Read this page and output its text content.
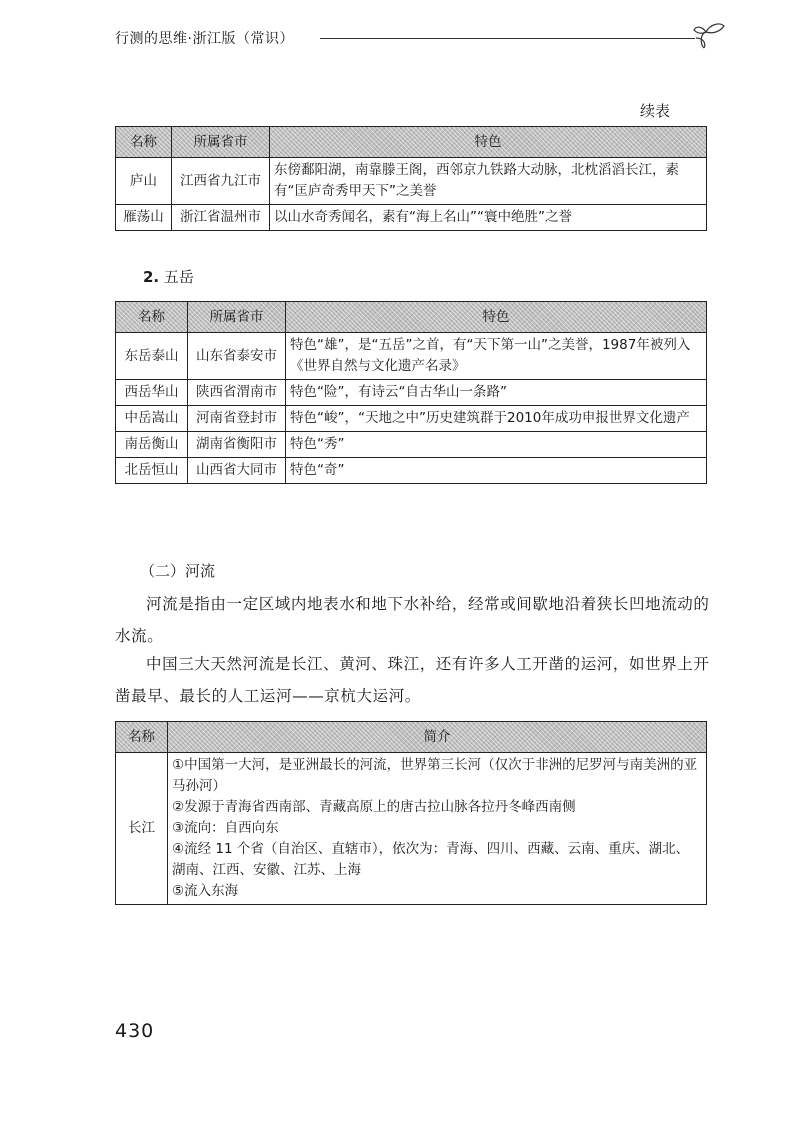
行测的思维·浙江版（常识）
续表
名称	所属省市	特色
庐山	江西省九江市	东傍鄱阳湖，南靠滕王阁，西邻京九铁路大动脉，北枕滔滔长江，素有“匡庐奇秀甲天下”之美誉
雁荡山	浙江省温州市	以山水奇秀闻名，素有“海上名山”“寰中绝胜”之誉
2. 五岳
名称	所属省市	特色
东岳泰山	山东省泰安市	特色“雄”，是“五岳”之首，有“天下第一山”之美誉，1987年被列入《世界自然与文化遗产名录》
西岳华山	陕西省渭南市	特色“险”，有诗云“自古华山一条路”
中岳嵩山	河南省登封市	特色“峻”，“天地之中”历史建筑群于2010年成功申报世界文化遗产
南岳衡山	湖南省衡阳市	特色“秀”
北岳恒山	山西省大同市	特色“奇”
（二）河流

河流是指由一定区域内地表水和地下水补给，经常或间歇地沿着狭长凹地流动的水流。

中国三大天然河流是长江、黄河、珠江，还有许多人工开凿的运河，如世界上开凿最早、最长的人工运河——京杭大运河。

名称	简介
长江	①中国第一大河，是亚洲最长的河流，世界第三长河（仅次于非洲的尼罗河与南美洲的亚马孙河）
②发源于青海省西南部、青藏高原上的唐古拉山脉各拉丹冬峰西南侧
③流向：自西向东
④流经 11 个省（自治区、直辖市），依次为：青海、四川、西藏、云南、重庆、湖北、湖南、江西、安徽、江苏、上海
⑤流入东海
430
